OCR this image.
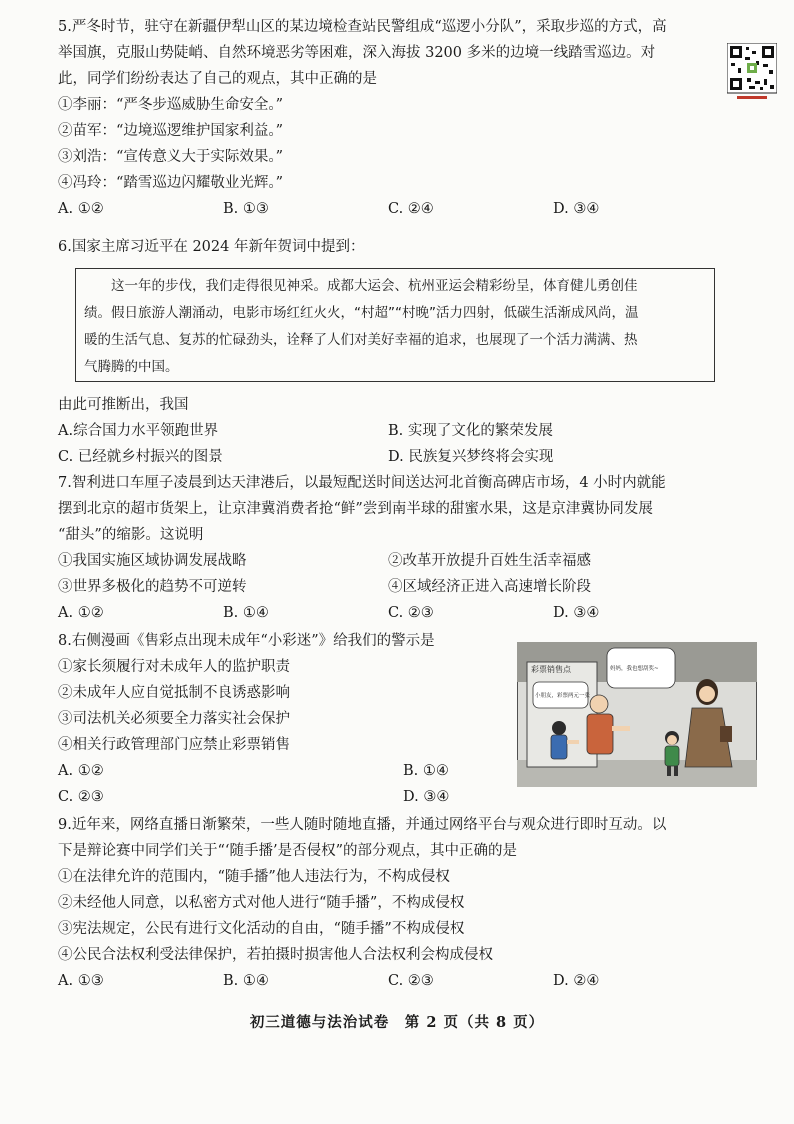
5.严冬时节，驻守在新疆伊犁山区的某边境检查站民警组成“巡逻小分队”，采取步巡的方式，高
举国旗，克服山势陡峭、自然环境恶劣等困难，深入海拔 3200 多米的边境一线踏雪巡边。对
此，同学们纷纷表达了自己的观点，其中正确的是
①李丽：“严冬步巡威胁生命安全。”
②苗军：“边境巡逻维护国家利益。”
③刘浩：“宣传意义大于实际效果。”
④冯玲：“踏雪巡边闪耀敬业光辉。”
A. ①②	B. ①③	C. ②④	D. ③④
6.国家主席习近平在 2024 年新年贺词中提到：
这一年的步伐，我们走得很见神采。成都大运会、杭州亚运会精彩纷呈，体育健儿勇创佳
绩。假日旅游人潮涌动，电影市场红红火火，“村超”“村晚”活力四射，低碳生活渐成风尚，温
暖的生活气息、复苏的忙碌劲头，诠释了人们对美好幸福的追求，也展现了一个活力满满、热
气腾腾的中国。
由此可推断出，我国
A.综合国力水平领跑世界	B. 实现了文化的繁荣发展
C. 已经就乡村振兴的图景	D. 民族复兴梦终将会实现
7.智利进口车厘子凌晨到达天津港后，以最短配送时间送达河北首衡高碑店市场，4 小时内就能
摆到北京的超市货架上，让京津冀消费者抢“鲜”尝到南半球的甜蜜水果，这是京津冀协同发展
“甜头”的缩影。这说明
①我国实施区域协调发展战略	②改革开放提升百姓生活幸福感
③世界多极化的趋势不可逆转	④区域经济正进入高速增长阶段
A. ①②	B. ①④	C. ②③	D. ③④
8.右侧漫画《售彩点出现未成年“小彩迷”》给我们的警示是
①家长须履行对未成年人的监护职责
②未成年人应自觉抵制不良诱惑影响
③司法机关必须要全力落实社会保护
④相关行政管理部门应禁止彩票销售
A. ①②	B. ①④
C. ②③	D. ③④
彩票销售点
小朋友，彩票两元一张
妈妈，我也想刮奖~
9.近年来，网络直播日渐繁荣，一些人随时随地直播，并通过网络平台与观众进行即时互动。以
下是辩论赛中同学们关于“‘随手播’是否侵权”的部分观点，其中正确的是
①在法律允许的范围内，“随手播”他人违法行为，不构成侵权
②未经他人同意，以私密方式对他人进行“随手播”，不构成侵权
③宪法规定，公民有进行文化活动的自由，“随手播”不构成侵权
④公民合法权利受法律保护，若拍摄时损害他人合法权利会构成侵权
A. ①③	B. ①④	C. ②③	D. ②④
初三道德与法治试卷　第 2 页（共 8 页）
